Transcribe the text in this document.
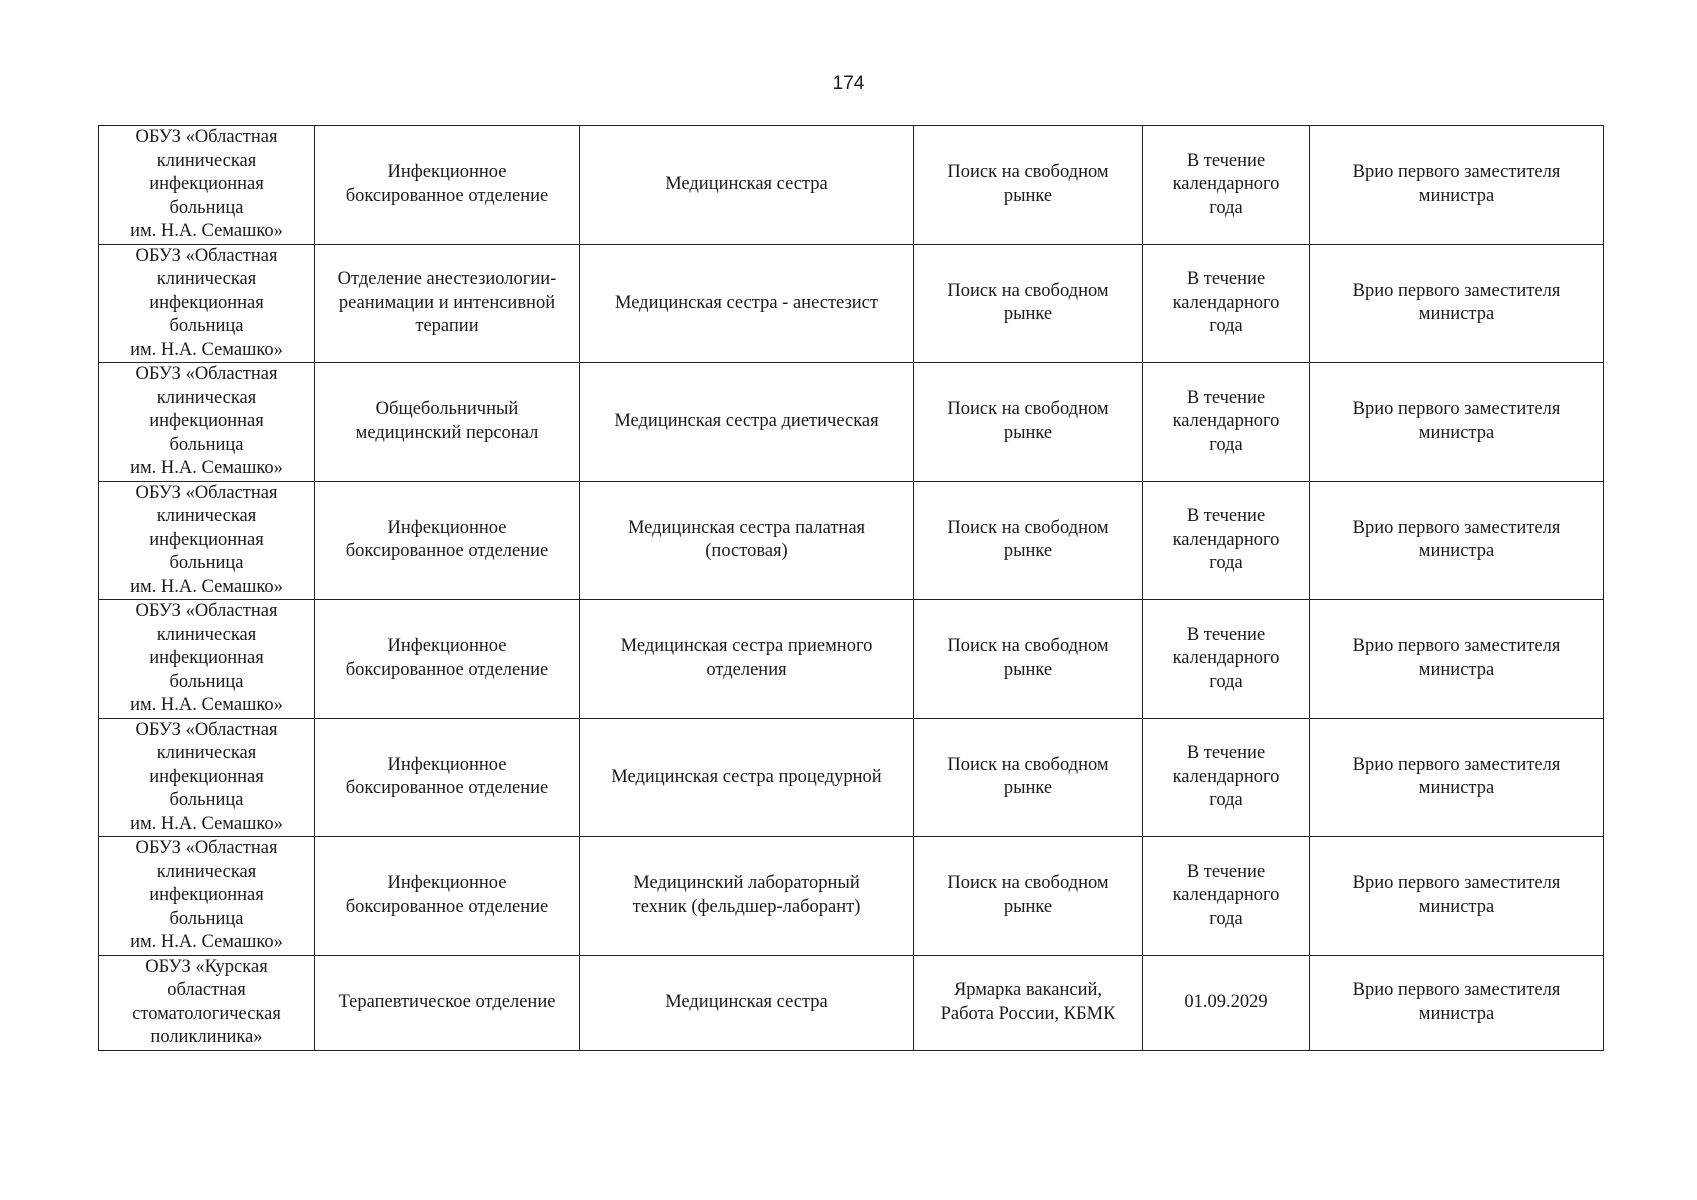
174
ОБУЗ «Областная
клиническая
инфекционная
больница
им. Н.А. Семашко»	Инфекционное
боксированное отделение	Медицинская сестра	Поиск на свободном
рынке	В течение
календарного
года	Врио первого заместителя
министра

ОБУЗ «Областная
клиническая
инфекционная
больница
им. Н.А. Семашко»	Отделение анестезиологии-
реанимации и интенсивной
терапии	Медицинская сестра - анестезист	Поиск на свободном
рынке	В течение
календарного
года	Врио первого заместителя
министра

ОБУЗ «Областная
клиническая
инфекционная
больница
им. Н.А. Семашко»	Общебольничный
медицинский персонал	Медицинская сестра диетическая	Поиск на свободном
рынке	В течение
календарного
года	Врио первого заместителя
министра

ОБУЗ «Областная
клиническая
инфекционная
больница
им. Н.А. Семашко»	Инфекционное
боксированное отделение	Медицинская сестра палатная
(постовая)	Поиск на свободном
рынке	В течение
календарного
года	Врио первого заместителя
министра

ОБУЗ «Областная
клиническая
инфекционная
больница
им. Н.А. Семашко»	Инфекционное
боксированное отделение	Медицинская сестра приемного
отделения	Поиск на свободном
рынке	В течение
календарного
года	Врио первого заместителя
министра

ОБУЗ «Областная
клиническая
инфекционная
больница
им. Н.А. Семашко»	Инфекционное
боксированное отделение	Медицинская сестра процедурной	Поиск на свободном
рынке	В течение
календарного
года	Врио первого заместителя
министра

ОБУЗ «Областная
клиническая
инфекционная
больница
им. Н.А. Семашко»	Инфекционное
боксированное отделение	Медицинский лабораторный
техник (фельдшер-лаборант)	Поиск на свободном
рынке	В течение
календарного
года	Врио первого заместителя
министра

ОБУЗ «Курская
областная
стоматологическая
поликлиника»	Терапевтическое отделение	Медицинская сестра	Ярмарка вакансий,
Работа России, КБМК	01.09.2029	Врио первого заместителя
министра
